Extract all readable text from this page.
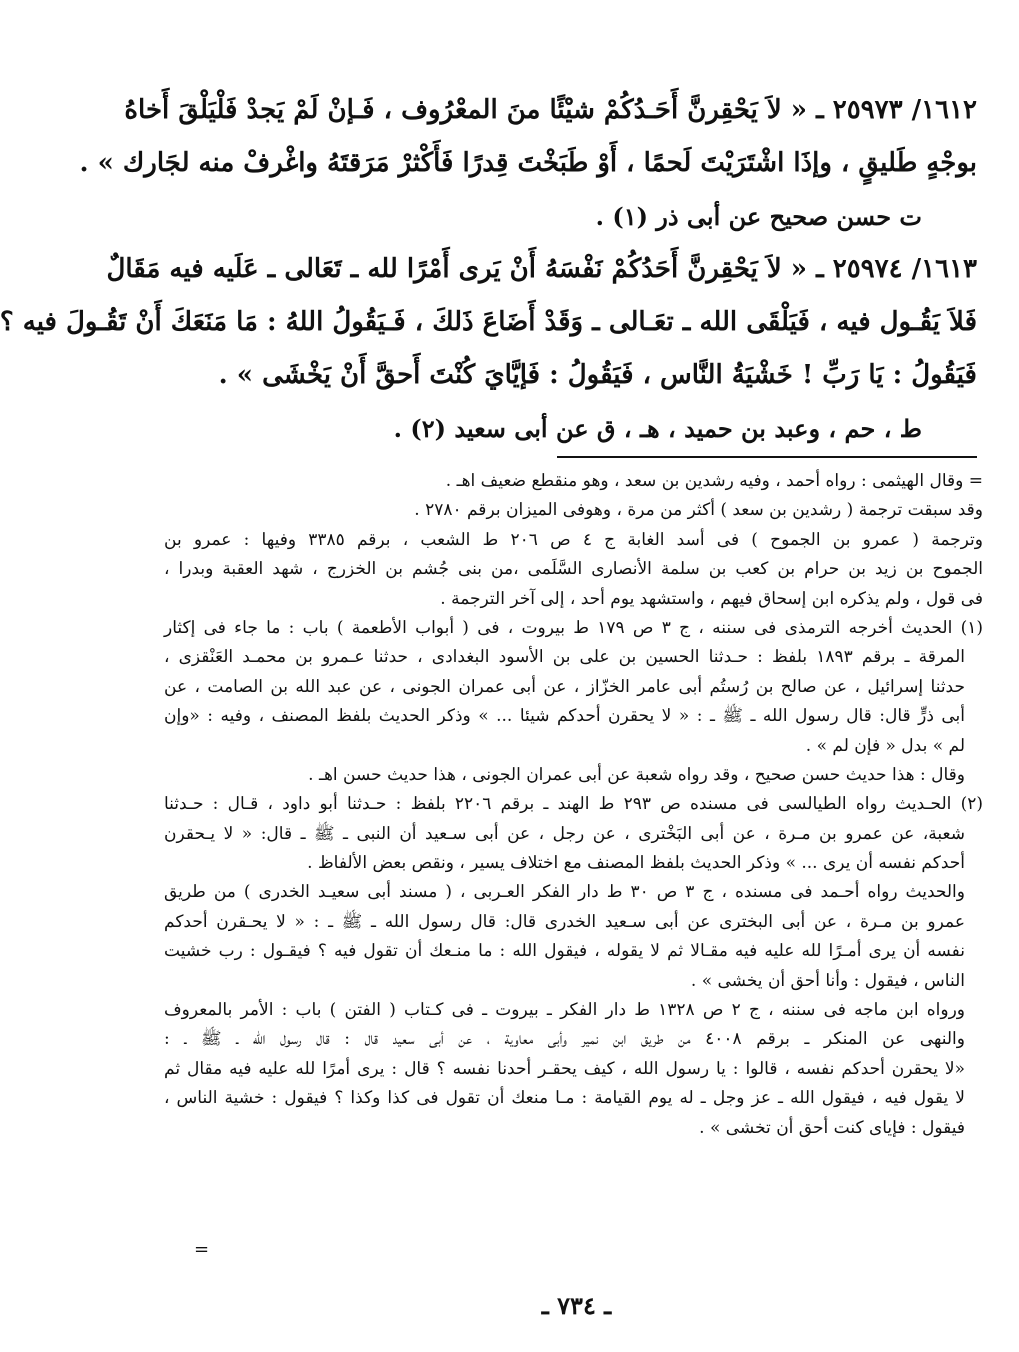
١٦١٢/ ٢٥٩٧٣ ـ « لاَ يَحْقِرنَّ أَحَـدُكُمْ شيْئًا منَ المعْرُوف ، فَـإنْ لَمْ يَجدْ فَلْيَلْقَ أَخاهُ
بوجْهٍ طَليقٍ ، وإذَا اشْتَرَيْتَ لَحمًا ، أَوْ طَبَخْتَ قِدرًا فَأَكْثرْ مَرَقتَهُ واغْرفْ منه لجَارك » .
ت حسن صحيح عن أبى ذر (١) .
١٦١٣/ ٢٥٩٧٤ ـ « لاَ يَحْقِرنَّ أَحَدُكُمْ نَفْسَهُ أَنْ يَرى أَمْرًا لله ـ تَعَالى ـ عَلَيه فيه مَقَالٌ
فَلاَ يَقُـول فيه ، فَيَلْقَى الله ـ تعَـالى ـ وَقَدْ أَضَاعَ ذَلكَ ، فَـيَقُولُ اللهُ : مَا مَنَعَكَ أَنْ تَقُـولَ فيه ؟
فَيَقُولُ : يَا رَبِّ ! خَشْيَةُ النَّاس ، فَيَقُولُ : فَإيَّايَ كُنْتَ أَحقَّ أَنْ يَخْشَى » .
ط ، حم ، وعبد بن حميد ، هـ ، ق عن أبى سعيد (٢) .
= وقال الهيثمى : رواه أحمد ، وفيه رشدين بن سعد ، وهو منقطع ضعيف اهـ .
وقد سبقت ترجمة ( رشدين بن سعد ) أكثر من مرة ، وهوفى الميزان برقم ٢٧٨٠ .
وترجمة ( عمرو بن الجموح ) فى أسد الغابة ج ٤ ص ٢٠٦ ط الشعب ، برقم ٣٣٨٥ وفيها : عمرو بن
الجموح بن زيد بن حرام بن كعب بن سلمة الأنصارى السَّلَمى ،من بنى جُشم بن الخزرج ، شهد العقبة وبدرا ،
فى قول ، ولم يذكره ابن إسحاق فيهم ، واستشهد يوم أحد ، إلى آخر الترجمة .
(١) الحديث أخرجه الترمذى فى سننه ، ج ٣ ص ١٧٩ ط بيروت ، فى ( أبواب الأطعمة ) باب : ما جاء فى إكثار
المرقة ـ برقم ١٨٩٣ بلفظ : حـدثنا الحسين بن على بن الأسود البغدادى ، حدثنا عـمرو بن محمـد العَنْقزى ،
حدثنا إسرائيل ، عن صالح بن رُستُم أبى عامر الخزّاز ، عن أبى عمران الجونى ، عن عبد الله بن الصامت ، عن
أبى ذرٍّ قال: قال رسول الله ـ ﷺ ـ : « لا يحقرن أحدكم شيئا ... » وذكر الحديث بلفظ المصنف ، وفيه : «وإن
لم » بدل « فإن لم » .
وقال : هذا حديث حسن صحيح ، وقد رواه شعبة عن أبى عمران الجونى ، هذا حديث حسن اهـ .
(٢) الحـديث رواه الطيالسى فى مسنده ص ٢٩٣ ط الهند ـ برقم ٢٢٠٦ بلفظ : حـدثنا أبو داود ، قـال : حـدثنا
شعبة، عن عمرو بن مـرة ، عن أبى البَخْترى ، عن رجل ، عن أبى سـعيد أن النبى ـ ﷺ ـ قال: « لا يـحقرن
أحدكم نفسه أن يرى ... » وذكر الحديث بلفظ المصنف مع اختلاف يسير ، ونقص بعض الألفاظ .
والحديث رواه أحـمد فى مسنده ، ج ٣ ص ٣٠ ط دار الفكر العـربى ، ( مسند أبى سعيـد الخدرى ) من طريق
عمرو بن مـرة ، عن أبى البخترى عن أبى سـعيد الخدرى قال: قال رسول الله ـ ﷺ ـ : « لا يحـقرن أحدكم
نفسه أن يرى أمـرًا لله عليه فيه مقـالا ثم لا يقوله ، فيقول الله : ما منـعك أن تقول فيه ؟ فيقـول : رب خشيت
الناس ، فيقول : وأنا أحق أن يخشى » .
ورواه ابن ماجه فى سننه ، ج ٢ ص ١٣٢٨ ط دار الفكر ـ بيروت ـ فى كـتاب ( الفتن ) باب : الأمر بالمعروف
والنهى عن المنكر ـ برقم ٤٠٠٨ من طريق ابن نمير وأبى معاوية ، عن أبى سعيد قال : قال رسول الله ـ ﷺ ـ :
«لا يحقرن أحدكم نفسه ، قالوا : يا رسول الله ، كيف يحقـر أحدنا نفسه ؟ قال : يرى أمرًا لله عليه فيه مقال ثم
لا يقول فيه ، فيقول الله ـ عز وجل ـ له يوم القيامة : مـا منعك أن تقول فى كذا وكذا ؟ فيقول : خشية الناس ،
فيقول : فإياى كنت أحق أن تخشى » .
=
ـ ٧٣٤ ـ
